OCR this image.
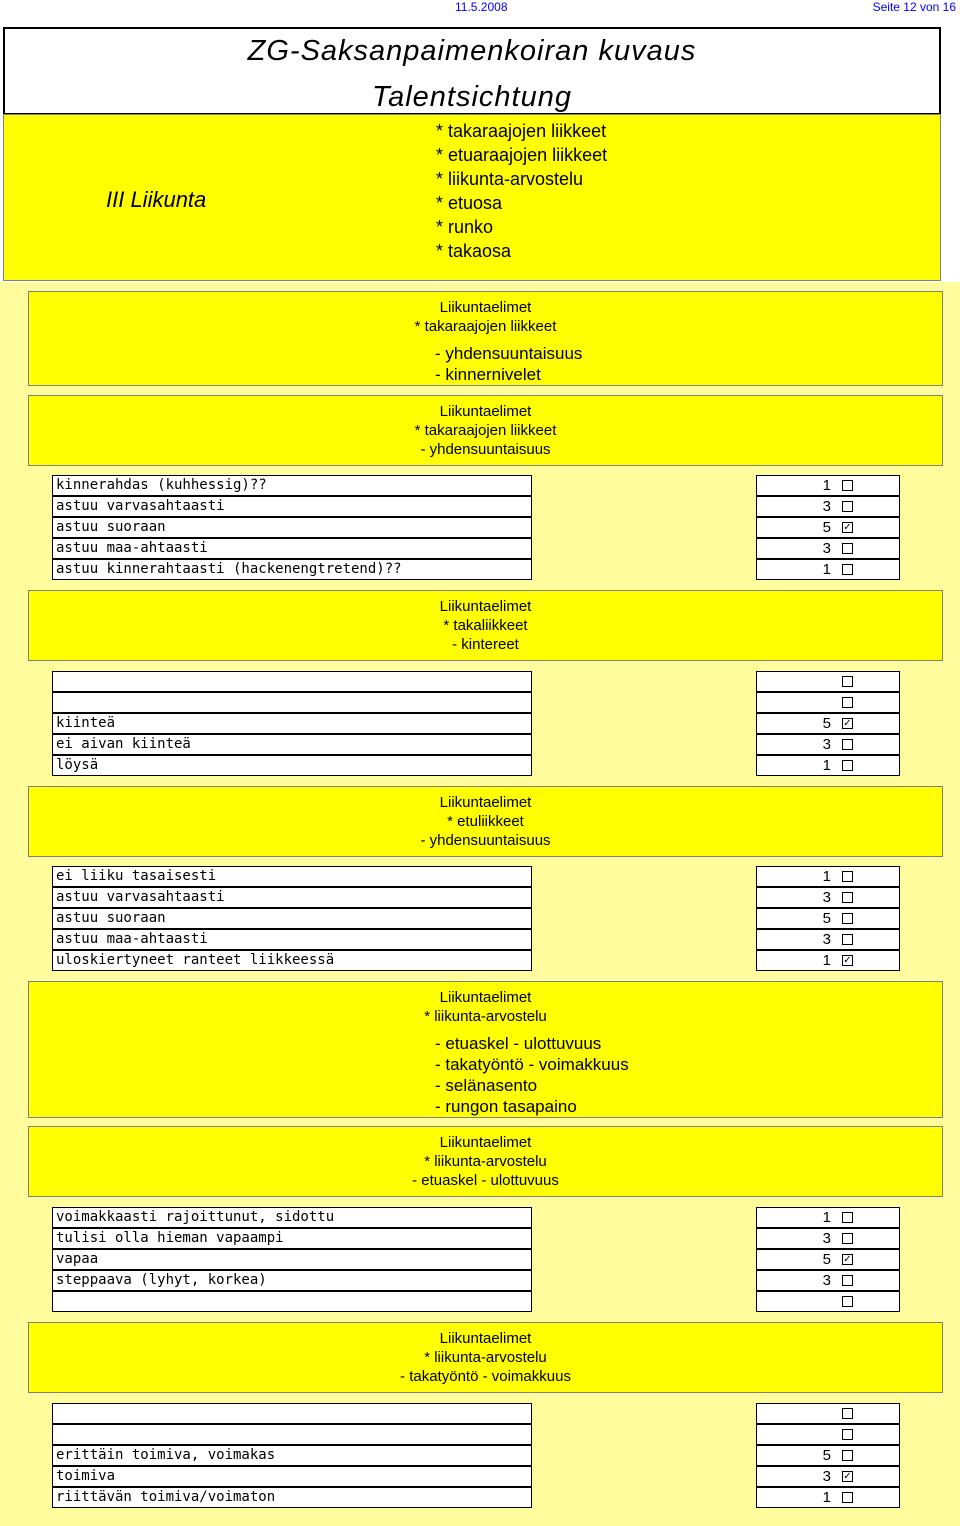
11.5.2008	Seite 12 von 16
ZG-Saksanpaimenkoiran kuvaus
Talentsichtung
III Liikunta
* takaraajojen liikkeet
* etuaraajojen liikkeet
* liikunta-arvostelu
* etuosa
* runko
* takaosa
Liikuntaelimet
* takaraajojen liikkeet
- yhdensuuntaisuus
- kinnernivelet
Liikuntaelimet
* takaraajojen liikkeet
- yhdensuuntaisuus
kinnerahdas (kuhhessig)??	1
astuu varvasahtaasti	3
astuu suoraan	5 ✓
astuu maa-ahtaasti	3
astuu kinnerahtaasti (hackenengtretend)??	1
Liikuntaelimet
* takaliikkeet
- kintereet
kiinteä	5 ✓
ei aivan kiinteä	3
löysä	1
Liikuntaelimet
* etuliikkeet
- yhdensuuntaisuus
ei liiku tasaisesti	1
astuu varvasahtaasti	3
astuu suoraan	5
astuu maa-ahtaasti	3
uloskiertyneet ranteet liikkeessä	1 ✓
Liikuntaelimet
* liikunta-arvostelu
- etuaskel - ulottuvuus
- takatyöntö - voimakkuus
- selänasento
- rungon tasapaino
Liikuntaelimet
* liikunta-arvostelu
- etuaskel - ulottuvuus
voimakkaasti rajoittunut, sidottu	1
tulisi olla hieman vapaampi	3
vapaa	5 ✓
steppaava (lyhyt, korkea)	3
Liikuntaelimet
* liikunta-arvostelu
- takatyöntö - voimakkuus
erittäin toimiva, voimakas	5
toimiva	3 ✓
riittävän toimiva/voimaton	1
